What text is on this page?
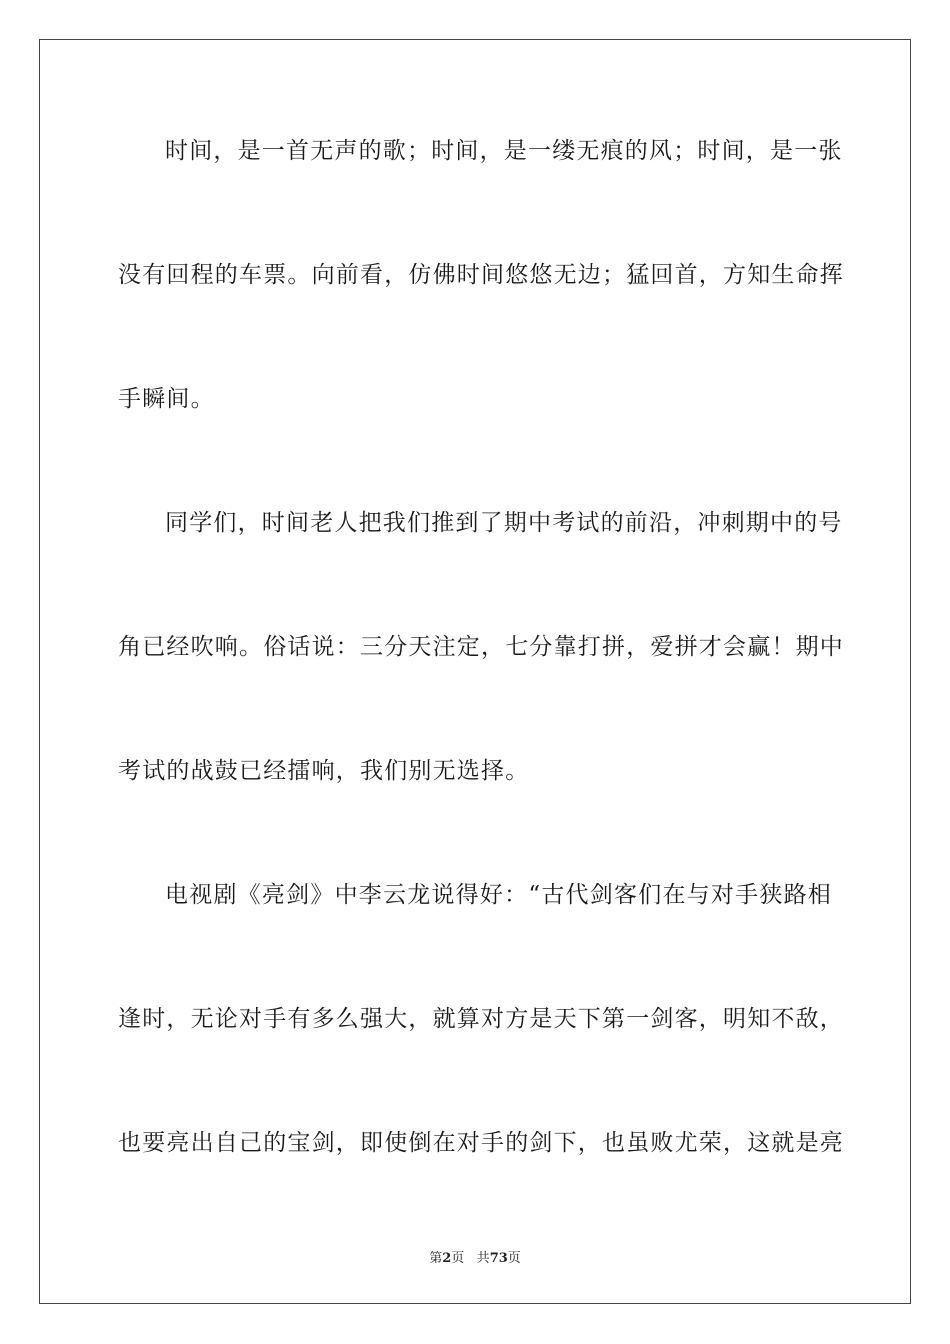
时间，是一首无声的歌；时间，是一缕无痕的风；时间，是一张
没有回程的车票。向前看，仿佛时间悠悠无边；猛回首，方知生命挥
手瞬间。
同学们，时间老人把我们推到了期中考试的前沿，冲刺期中的号
角已经吹响。俗话说：三分天注定，七分靠打拼，爱拼才会赢！期中
考试的战鼓已经擂响，我们别无选择。
电视剧《亮剑》中李云龙说得好：“古代剑客们在与对手狭路相
逢时，无论对手有多么强大，就算对方是天下第一剑客，明知不敌，
也要亮出自己的宝剑，即使倒在对手的剑下，也虽败尤荣，这就是亮
第2页 共73页
